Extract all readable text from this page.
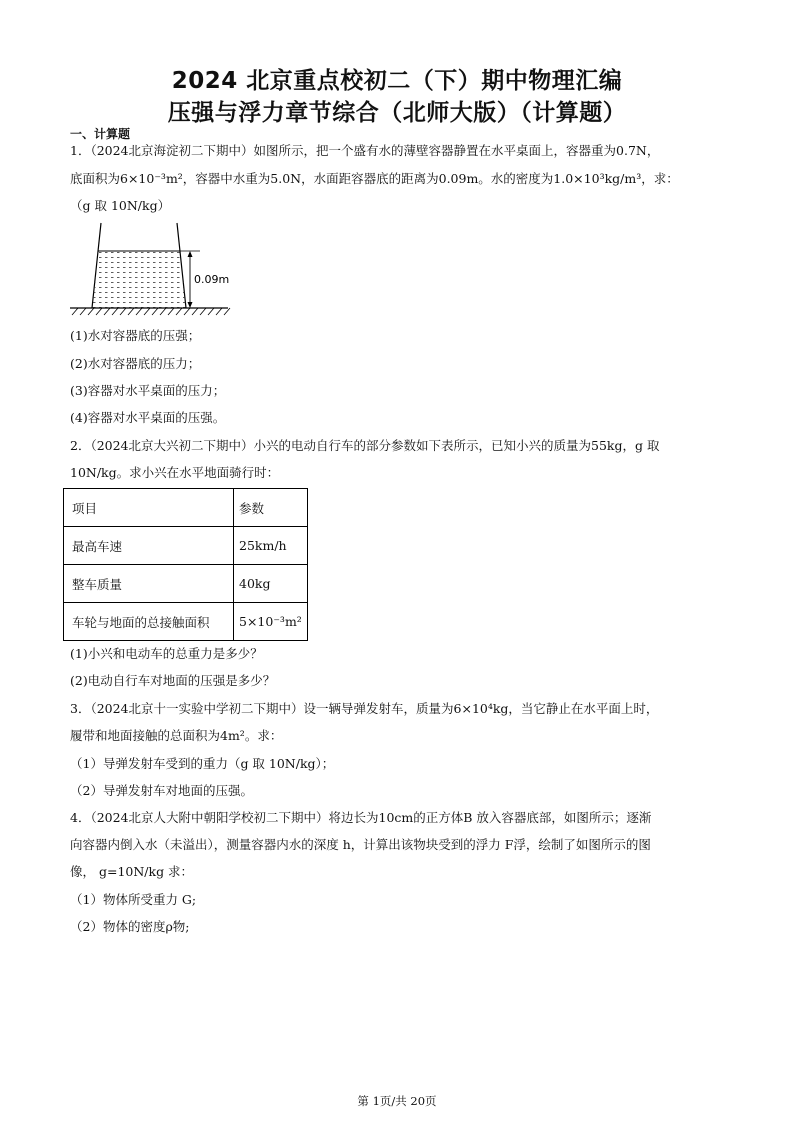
2024 北京重点校初二（下）期中物理汇编
压强与浮力章节综合（北师大版）（计算题）
一、计算题
1．（2024北京海淀初二下期中）如图所示，把一个盛有水的薄壁容器静置在水平桌面上，容器重为0.7N，
底面积为6×10⁻³m²，容器中水重为5.0N，水面距容器底的距离为0.09m。水的密度为1.0×10³kg/m³，求：
（g 取 10N/kg）
0.09m
(1)水对容器底的压强；
(2)水对容器底的压力；
(3)容器对水平桌面的压力；
(4)容器对水平桌面的压强。
2．（2024北京大兴初二下期中）小兴的电动自行车的部分参数如下表所示，已知小兴的质量为55kg，g 取
10N/kg。求小兴在水平地面骑行时：
项目	参数
最高车速	25km/h
整车质量	40kg
车轮与地面的总接触面积	5×10⁻³m²
(1)小兴和电动车的总重力是多少？
(2)电动自行车对地面的压强是多少？
3．（2024北京十一实验中学初二下期中）设一辆导弹发射车，质量为6×10⁴kg，当它静止在水平面上时，
履带和地面接触的总面积为4m²。求：
（1）导弹发射车受到的重力（g 取 10N/kg）；
（2）导弹发射车对地面的压强。
4．（2024北京人大附中朝阳学校初二下期中）将边长为10cm的正方体B 放入容器底部，如图所示；逐渐
向容器内倒入水（未溢出），测量容器内水的深度 h，计算出该物块受到的浮力 F浮，绘制了如图所示的图
像， g=10N/kg 求：
（1）物体所受重力 G;
（2）物体的密度ρ物;
第 1页/共 20页
